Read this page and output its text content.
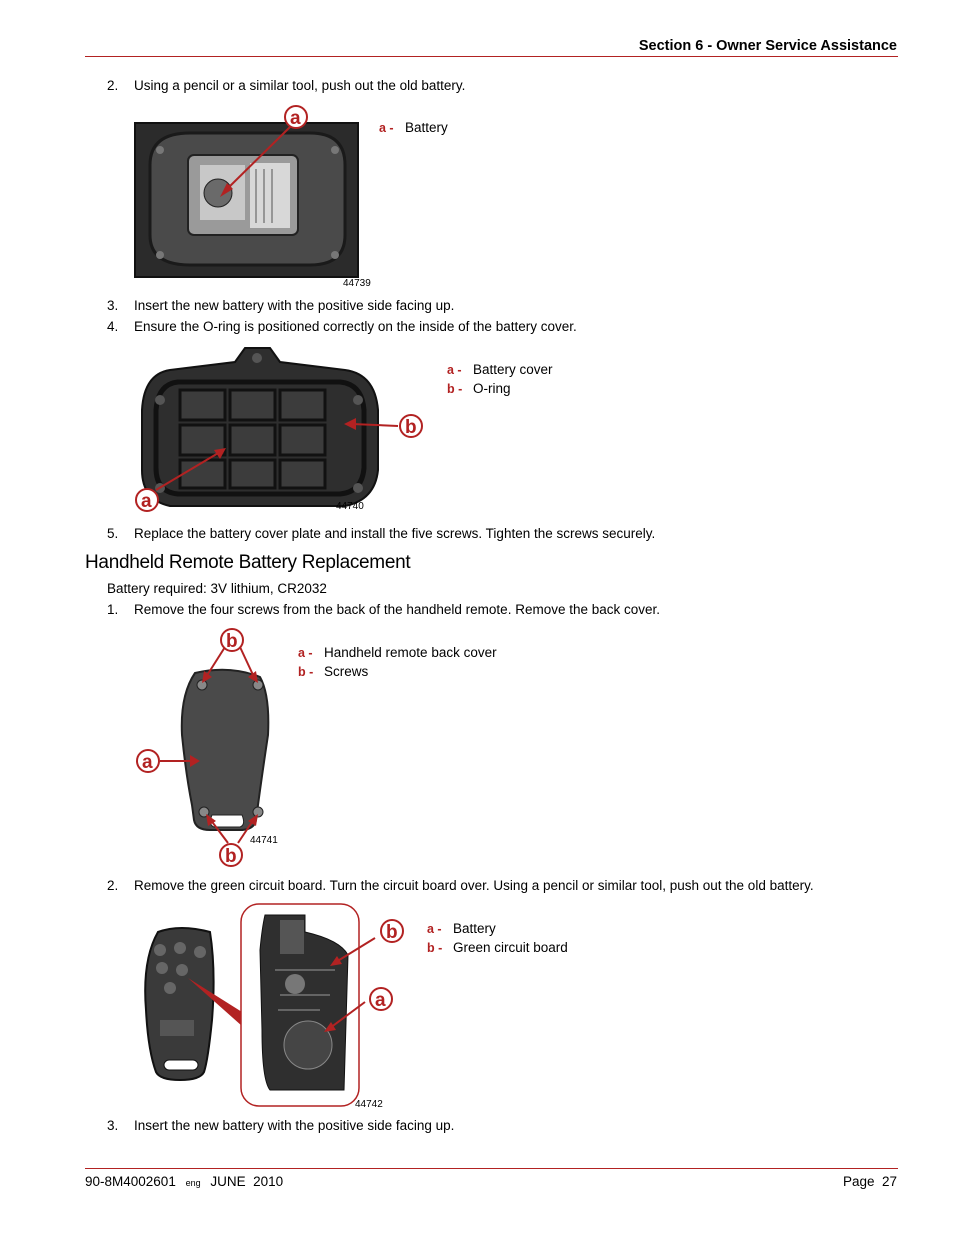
Section 6 - Owner Service Assistance
2. Using a pencil or a similar tool, push out the old battery.
a
44739
a - Battery
3. Insert the new battery with the positive side facing up.
4. Ensure the O-ring is positioned correctly on the inside of the battery cover.
b
a	44740
a - Battery cover
b - O-ring
5. Replace the battery cover plate and install the five screws. Tighten the screws securely.
Handheld Remote Battery Replacement
Battery required: 3V lithium, CR2032
1. Remove the four screws from the back of the handheld remote. Remove the back cover.
b
a
b
44741
a - Handheld remote back cover
b - Screws
2. Remove the green circuit board. Turn the circuit board over. Using a pencil or similar tool, push out the old battery.
b
a
44742
a - Battery
b - Green circuit board
3. Insert the new battery with the positive side facing up.
90-8M4002601 eng JUNE  2010	Page  27
